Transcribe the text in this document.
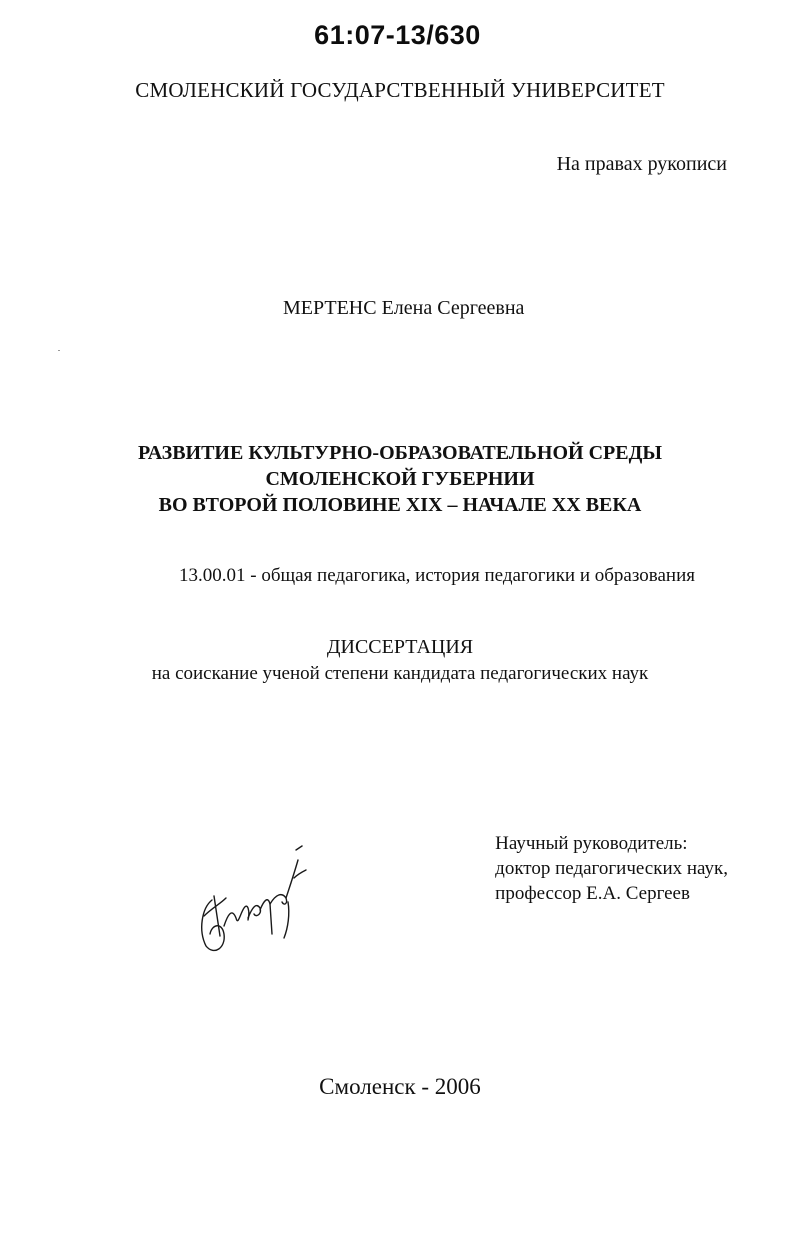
61:07-13/630
СМОЛЕНСКИЙ ГОСУДАРСТВЕННЫЙ УНИВЕРСИТЕТ
На правах рукописи
МЕРТЕНС Елена Сергеевна
РАЗВИТИЕ КУЛЬТУРНО-ОБРАЗОВАТЕЛЬНОЙ СРЕДЫ
СМОЛЕНСКОЙ ГУБЕРНИИ
ВО ВТОРОЙ ПОЛОВИНЕ XIX – НАЧАЛЕ XX ВЕКА
13.00.01 - общая педагогика, история педагогики и образования
ДИССЕРТАЦИЯ
на соискание ученой степени кандидата педагогических наук
Научный руководитель:
доктор педагогических наук,
профессор Е.А. Сергеев
Смоленск - 2006
